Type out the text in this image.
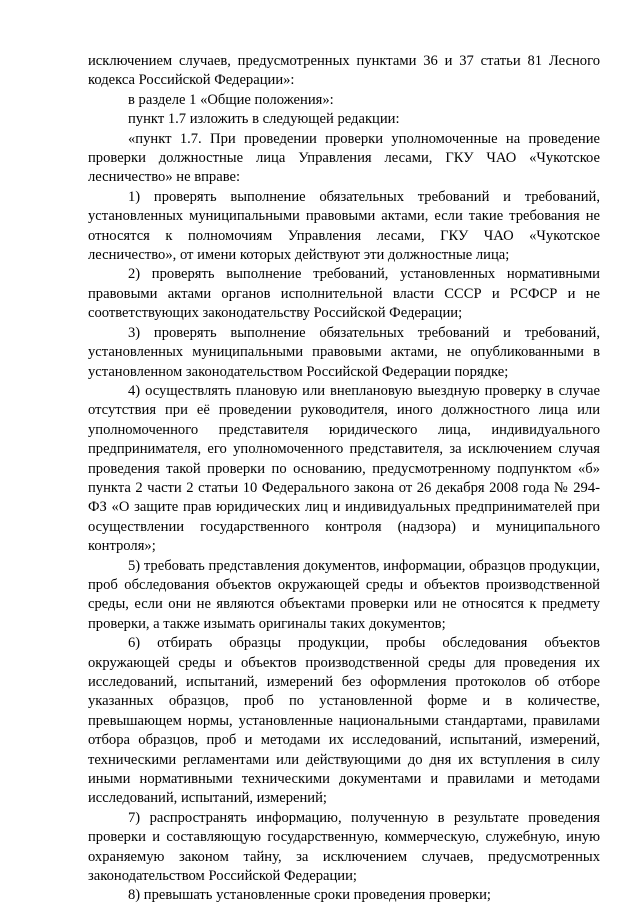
исключением случаев, предусмотренных пунктами 36 и 37 статьи 81 Лесного кодекса Российской Федерации»:

в разделе 1 «Общие положения»:

пункт 1.7 изложить в следующей редакции:

«пункт 1.7. При проведении проверки уполномоченные на проведение проверки должностные лица Управления лесами, ГКУ ЧАО «Чукотское лесничество» не вправе:

1) проверять выполнение обязательных требований и требований, установленных муниципальными правовыми актами, если такие требования не относятся к полномочиям Управления лесами, ГКУ ЧАО «Чукотское лесничество», от имени которых действуют эти должностные лица;

2) проверять выполнение требований, установленных нормативными правовыми актами органов исполнительной власти СССР и РСФСР и не соответствующих законодательству Российской Федерации;

3) проверять выполнение обязательных требований и требований, установленных муниципальными правовыми актами, не опубликованными в установленном законодательством Российской Федерации порядке;

4) осуществлять плановую или внеплановую выездную проверку в случае отсутствия при её проведении руководителя, иного должностного лица или уполномоченного представителя юридического лица, индивидуального предпринимателя, его уполномоченного представителя, за исключением случая проведения такой проверки по основанию, предусмотренному подпунктом «б» пункта 2 части 2 статьи 10 Федерального закона от 26 декабря 2008 года № 294-ФЗ «О защите прав юридических лиц и индивидуальных предпринимателей при осуществлении государственного контроля (надзора) и муниципального контроля»;

5) требовать представления документов, информации, образцов продукции, проб обследования объектов окружающей среды и объектов производственной среды, если они не являются объектами проверки или не относятся к предмету проверки, а также изымать оригиналы таких документов;

6) отбирать образцы продукции, пробы обследования объектов окружающей среды и объектов производственной среды для проведения их исследований, испытаний, измерений без оформления протоколов об отборе указанных образцов, проб по установленной форме и в количестве, превышающем нормы, установленные национальными стандартами, правилами отбора образцов, проб и методами их исследований, испытаний, измерений, техническими регламентами или действующими до дня их вступления в силу иными нормативными техническими документами и правилами и методами исследований, испытаний, измерений;

7) распространять информацию, полученную в результате проведения проверки и составляющую государственную, коммерческую, служебную, иную охраняемую законом тайну, за исключением случаев, предусмотренных законодательством Российской Федерации;

8) превышать установленные сроки проведения проверки;
